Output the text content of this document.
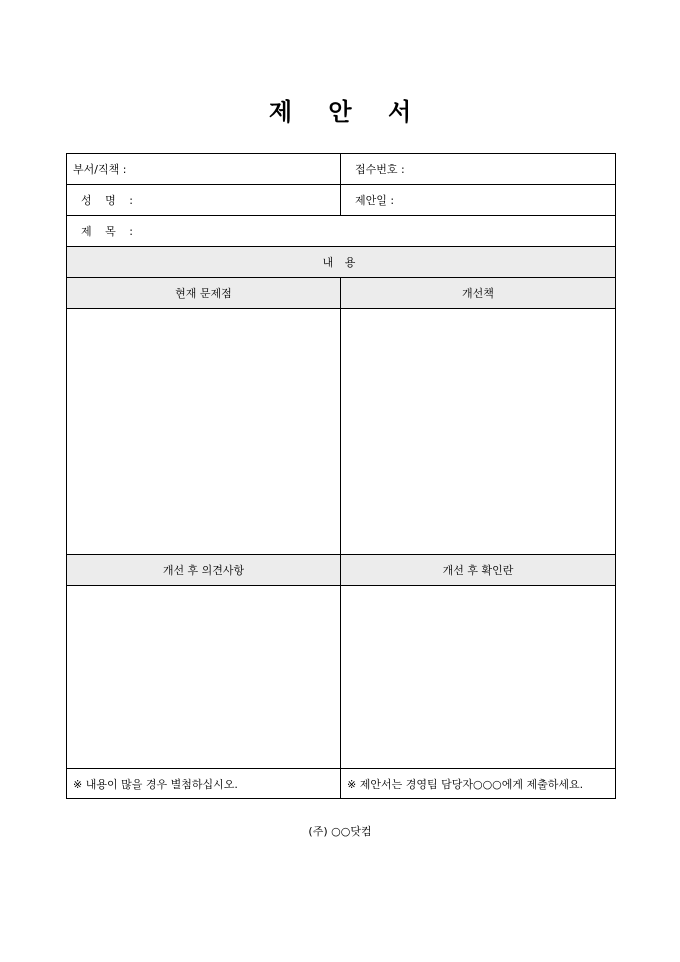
제 안 서
부서/직책 :	접수번호 :
성 명 :	제안일 :
제 목 :	
내 용	
현재 문제점	개선책

개선 후 의견사항	개선 후 확인란

※ 내용이 많을 경우 별첨하십시오.	※ 제안서는 경영팀 담당자○○○에게 제출하세요.
(주) ○○닷컴
